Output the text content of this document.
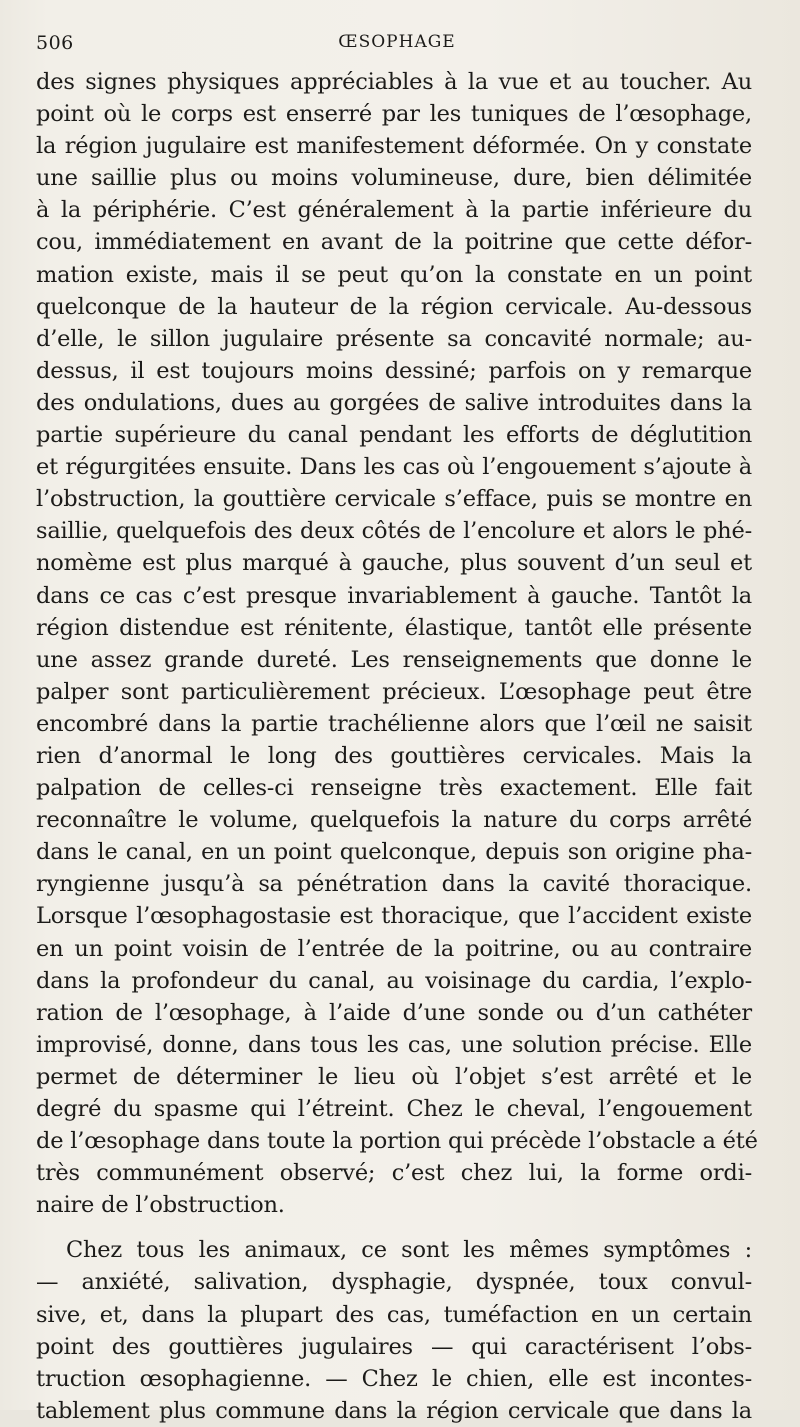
506	ŒSOPHAGE
des signes physiques appréciables à la vue et au toucher. Au
point où le corps est enserré par les tuniques de l’œsophage,
la région jugulaire est manifestement déformée. On y constate
une saillie plus ou moins volumineuse, dure, bien délimitée
à la périphérie. C’est généralement à la partie inférieure du
cou, immédiatement en avant de la poitrine que cette défor-
mation existe, mais il se peut qu’on la constate en un point
quelconque de la hauteur de la région cervicale. Au-dessous
d’elle, le sillon jugulaire présente sa concavité normale; au-
dessus, il est toujours moins dessiné; parfois on y remarque
des ondulations, dues au gorgées de salive introduites dans la
partie supérieure du canal pendant les efforts de déglutition
et régurgitées ensuite. Dans les cas où l’engouement s’ajoute à
l’obstruction, la gouttière cervicale s’efface, puis se montre en
saillie, quelquefois des deux côtés de l’encolure et alors le phé-
nomème est plus marqué à gauche, plus souvent d’un seul et
dans ce cas c’est presque invariablement à gauche. Tantôt la
région distendue est rénitente, élastique, tantôt elle présente
une assez grande dureté. Les renseignements que donne le
palper sont particulièrement précieux. L’œsophage peut être
encombré dans la partie trachélienne alors que l’œil ne saisit
rien d’anormal le long des gouttières cervicales. Mais la
palpation de celles-ci renseigne très exactement. Elle fait
reconnaître le volume, quelquefois la nature du corps arrêté
dans le canal, en un point quelconque, depuis son origine pha-
ryngienne jusqu’à sa pénétration dans la cavité thoracique.
Lorsque l’œsophagostasie est thoracique, que l’accident existe
en un point voisin de l’entrée de la poitrine, ou au contraire
dans la profondeur du canal, au voisinage du cardia, l’explo-
ration de l’œsophage, à l’aide d’une sonde ou d’un cathéter
improvisé, donne, dans tous les cas, une solution précise. Elle
permet de déterminer le lieu où l’objet s’est arrêté et le
degré du spasme qui l’étreint. Chez le cheval, l’engouement
de l’œsophage dans toute la portion qui précède l’obstacle a été
très communément observé; c’est chez lui, la forme ordi-
naire de l’obstruction.
Chez tous les animaux, ce sont les mêmes symptômes :
— anxiété, salivation, dysphagie, dyspnée, toux convul-
sive, et, dans la plupart des cas, tuméfaction en un certain
point des gouttières jugulaires — qui caractérisent l’obs-
truction œsophagienne. — Chez le chien, elle est incontes-
tablement plus commune dans la région cervicale que dans la
